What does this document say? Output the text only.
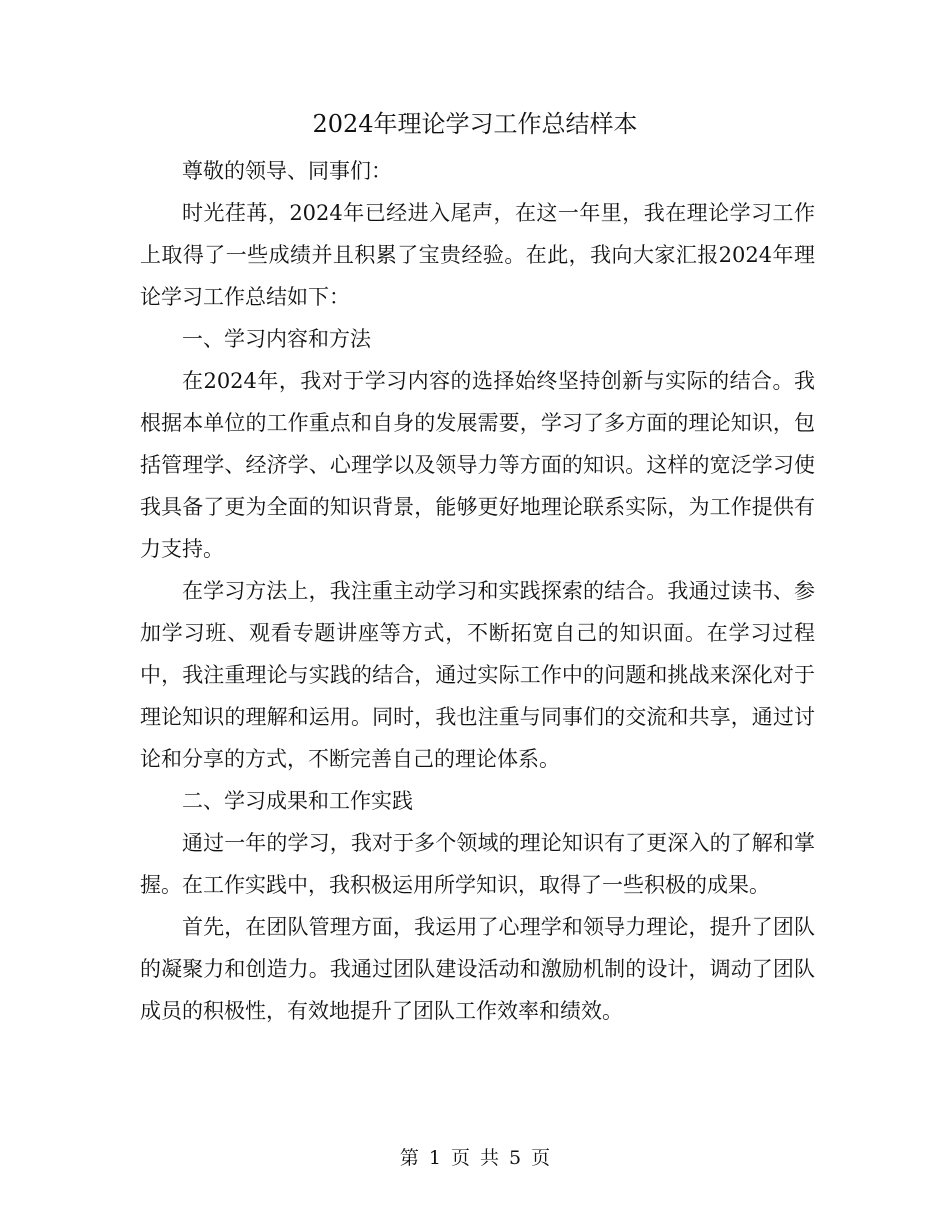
2024年理论学习工作总结样本

尊敬的领导、同事们：

时光荏苒，2024年已经进入尾声，在这一年里，我在理论学习工作上取得了一些成绩并且积累了宝贵经验。在此，我向大家汇报2024年理论学习工作总结如下：

一、学习内容和方法

在2024年，我对于学习内容的选择始终坚持创新与实际的结合。我根据本单位的工作重点和自身的发展需要，学习了多方面的理论知识，包括管理学、经济学、心理学以及领导力等方面的知识。这样的宽泛学习使我具备了更为全面的知识背景，能够更好地理论联系实际，为工作提供有力支持。

在学习方法上，我注重主动学习和实践探索的结合。我通过读书、参加学习班、观看专题讲座等方式，不断拓宽自己的知识面。在学习过程中，我注重理论与实践的结合，通过实际工作中的问题和挑战来深化对于理论知识的理解和运用。同时，我也注重与同事们的交流和共享，通过讨论和分享的方式，不断完善自己的理论体系。

二、学习成果和工作实践

通过一年的学习，我对于多个领域的理论知识有了更深入的了解和掌握。在工作实践中，我积极运用所学知识，取得了一些积极的成果。

首先，在团队管理方面，我运用了心理学和领导力理论，提升了团队的凝聚力和创造力。我通过团队建设活动和激励机制的设计，调动了团队成员的积极性，有效地提升了团队工作效率和绩效。

第 1 页 共 5 页
